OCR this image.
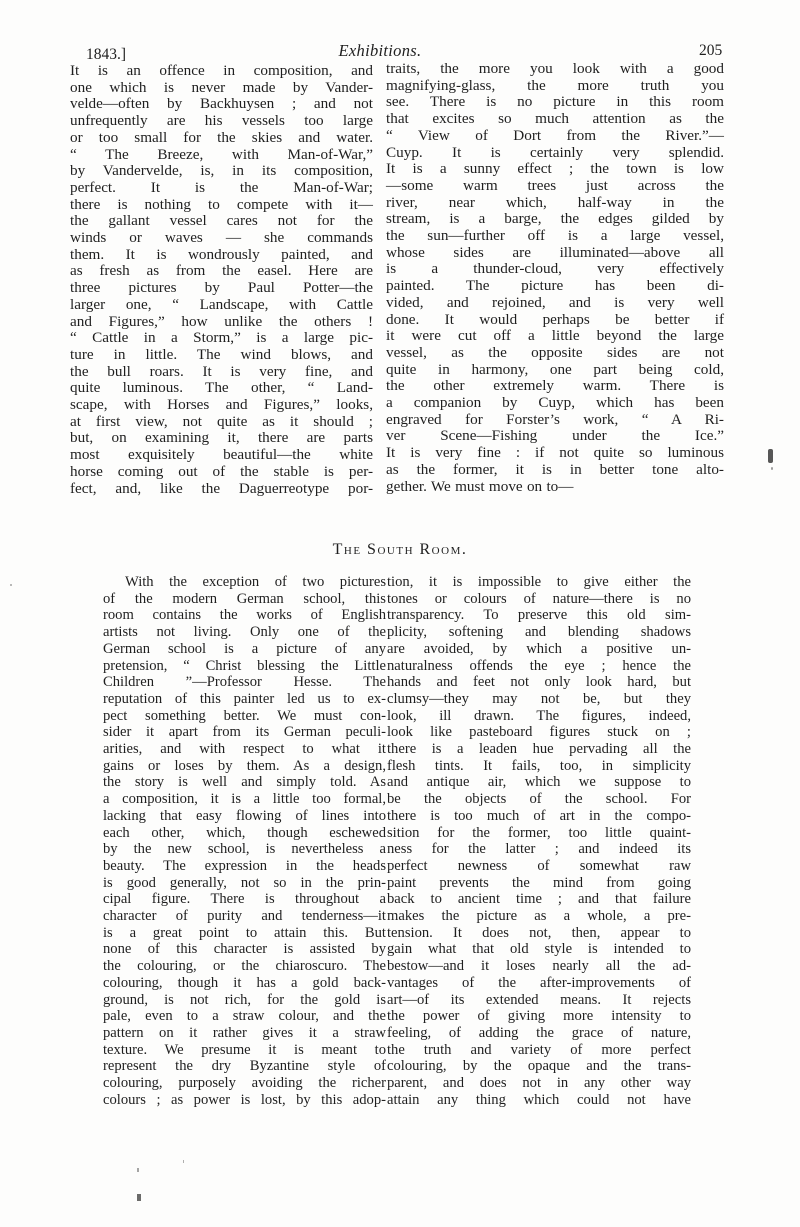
1843.]	Exhibitions.	205
It is an offence in composition, and
one which is never made by Vander-
velde—often by Backhuysen ; and not
unfrequently are his vessels too large
or too small for the skies and water.
“ The Breeze, with Man-of-War,”
by Vandervelde, is, in its composition,
perfect. It is the Man-of-War;
there is nothing to compete with it—
the gallant vessel cares not for the
winds or waves — she commands
them. It is wondrously painted, and
as fresh as from the easel. Here are
three pictures by Paul Potter—the
larger one, “ Landscape, with Cattle
and Figures,” how unlike the others !
“ Cattle in a Storm,” is a large pic-
ture in little. The wind blows, and
the bull roars. It is very fine, and
quite luminous. The other, “ Land-
scape, with Horses and Figures,” looks,
at first view, not quite as it should ;
but, on examining it, there are parts
most exquisitely beautiful—the white
horse coming out of the stable is per-
fect, and, like the Daguerreotype por-
traits, the more you look with a good
magnifying-glass, the more truth you
see. There is no picture in this room
that excites so much attention as the
“ View of Dort from the River.”—
Cuyp. It is certainly very splendid.
It is a sunny effect ; the town is low
—some warm trees just across the
river, near which, half-way in the
stream, is a barge, the edges gilded by
the sun—further off is a large vessel,
whose sides are illuminated—above all
is a thunder-cloud, very effectively
painted. The picture has been di-
vided, and rejoined, and is very well
done. It would perhaps be better if
it were cut off a little beyond the large
vessel, as the opposite sides are not
quite in harmony, one part being cold,
the other extremely warm. There is
a companion by Cuyp, which has been
engraved for Forster’s work, “ A Ri-
ver Scene—Fishing under the Ice.”
It is very fine : if not quite so luminous
as the former, it is in better tone alto-
gether. We must move on to—
The South Room.
With the exception of two pictures
of the modern German school, this
room contains the works of English
artists not living. Only one of the
German school is a picture of any
pretension, “ Christ blessing the Little
Children ”—Professor Hesse. The
reputation of this painter led us to ex-
pect something better. We must con-
sider it apart from its German peculi-
arities, and with respect to what it
gains or loses by them. As a design,
the story is well and simply told. As
a composition, it is a little too formal,
lacking that easy flowing of lines into
each other, which, though eschewed
by the new school, is nevertheless a
beauty. The expression in the heads
is good generally, not so in the prin-
cipal figure. There is throughout a
character of purity and tenderness—it
is a great point to attain this. But
none of this character is assisted by
the colouring, or the chiaroscuro. The
colouring, though it has a gold back-
ground, is not rich, for the gold is
pale, even to a straw colour, and the
pattern on it rather gives it a straw
texture. We presume it is meant to
represent the dry Byzantine style of
colouring, purposely avoiding the richer
colours ; as power is lost, by this adop-
tion, it is impossible to give either the
tones or colours of nature—there is no
transparency. To preserve this old sim-
plicity, softening and blending shadows
are avoided, by which a positive un-
naturalness offends the eye ; hence the
hands and feet not only look hard, but
clumsy—they may not be, but they
look, ill drawn. The figures, indeed,
look like pasteboard figures stuck on ;
there is a leaden hue pervading all the
flesh tints. It fails, too, in simplicity
and antique air, which we suppose to
be the objects of the school. For
there is too much of art in the compo-
sition for the former, too little quaint-
ness for the latter ; and indeed its
perfect newness of somewhat raw
paint prevents the mind from going
back to ancient time ; and that failure
makes the picture as a whole, a pre-
tension. It does not, then, appear to
gain what that old style is intended to
bestow—and it loses nearly all the ad-
vantages of the after-improvements of
art—of its extended means. It rejects
the power of giving more intensity to
feeling, of adding the grace of nature,
the truth and variety of more perfect
colouring, by the opaque and the trans-
parent, and does not in any other way
attain any thing which could not have
